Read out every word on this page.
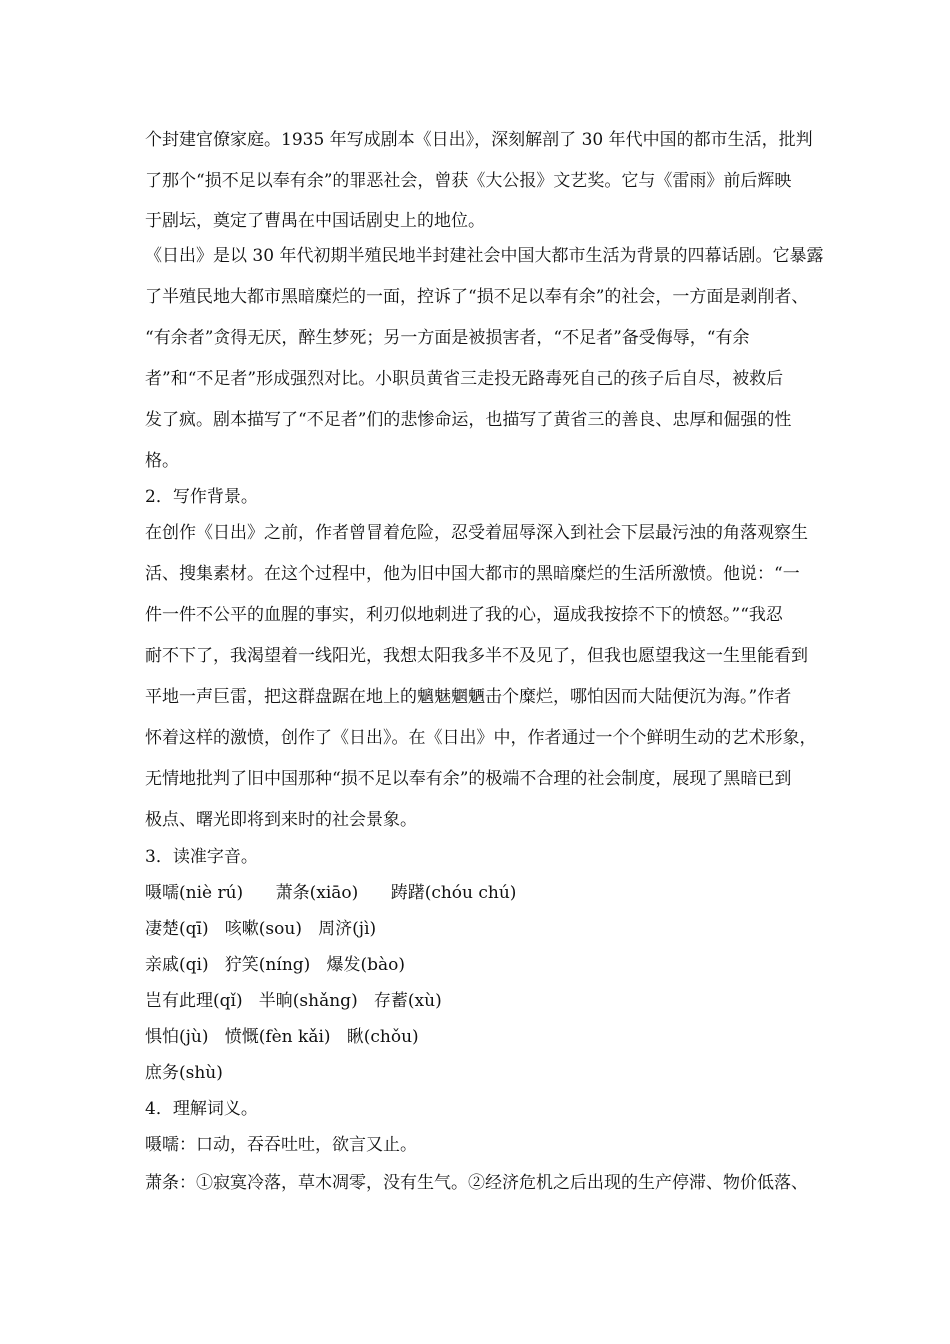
个封建官僚家庭。1935 年写成剧本《日出》，深刻解剖了 30 年代中国的都市生活，批判
了那个“损不足以奉有余”的罪恶社会，曾获《大公报》文艺奖。它与《雷雨》前后辉映
于剧坛，奠定了曹禺在中国话剧史上的地位。
《日出》是以 30 年代初期半殖民地半封建社会中国大都市生活为背景的四幕话剧。它暴露
了半殖民地大都市黑暗糜烂的一面，控诉了“损不足以奉有余”的社会，一方面是剥削者、
“有余者”贪得无厌，醉生梦死；另一方面是被损害者，“不足者”备受侮辱，“有余
者”和“不足者”形成强烈对比。小职员黄省三走投无路毒死自己的孩子后自尽，被救后
发了疯。剧本描写了“不足者”们的悲惨命运，也描写了黄省三的善良、忠厚和倔强的性
格。
2．写作背景。
在创作《日出》之前，作者曾冒着危险，忍受着屈辱深入到社会下层最污浊的角落观察生
活、搜集素材。在这个过程中，他为旧中国大都市的黑暗糜烂的生活所激愤。他说：“一
件一件不公平的血腥的事实，利刃似地刺进了我的心，逼成我按捺不下的愤怒。”“我忍
耐不下了，我渴望着一线阳光，我想太阳我多半不及见了，但我也愿望我这一生里能看到
平地一声巨雷，把这群盘踞在地上的魑魅魍魉击个糜烂，哪怕因而大陆便沉为海。”作者
怀着这样的激愤，创作了《日出》。在《日出》中，作者通过一个个鲜明生动的艺术形象，
无情地批判了旧中国那种“损不足以奉有余”的极端不合理的社会制度，展现了黑暗已到
极点、曙光即将到来时的社会景象。
3．读准字音。
嗫嚅(niè rú)      萧条(xiāo)      踌躇(chóu chú)
凄楚(qī)   咳嗽(sou)   周济(jì)
亲戚(qi)   狞笑(níng)   爆发(bào)
岂有此理(qǐ)   半晌(shǎng)   存蓄(xù)
惧怕(jù)   愤慨(fèn kǎi)   瞅(chǒu)
庶务(shù)
4．理解词义。
嗫嚅：口动，吞吞吐吐，欲言又止。
萧条：①寂寞冷落，草木凋零，没有生气。②经济危机之后出现的生产停滞、物价低落、
